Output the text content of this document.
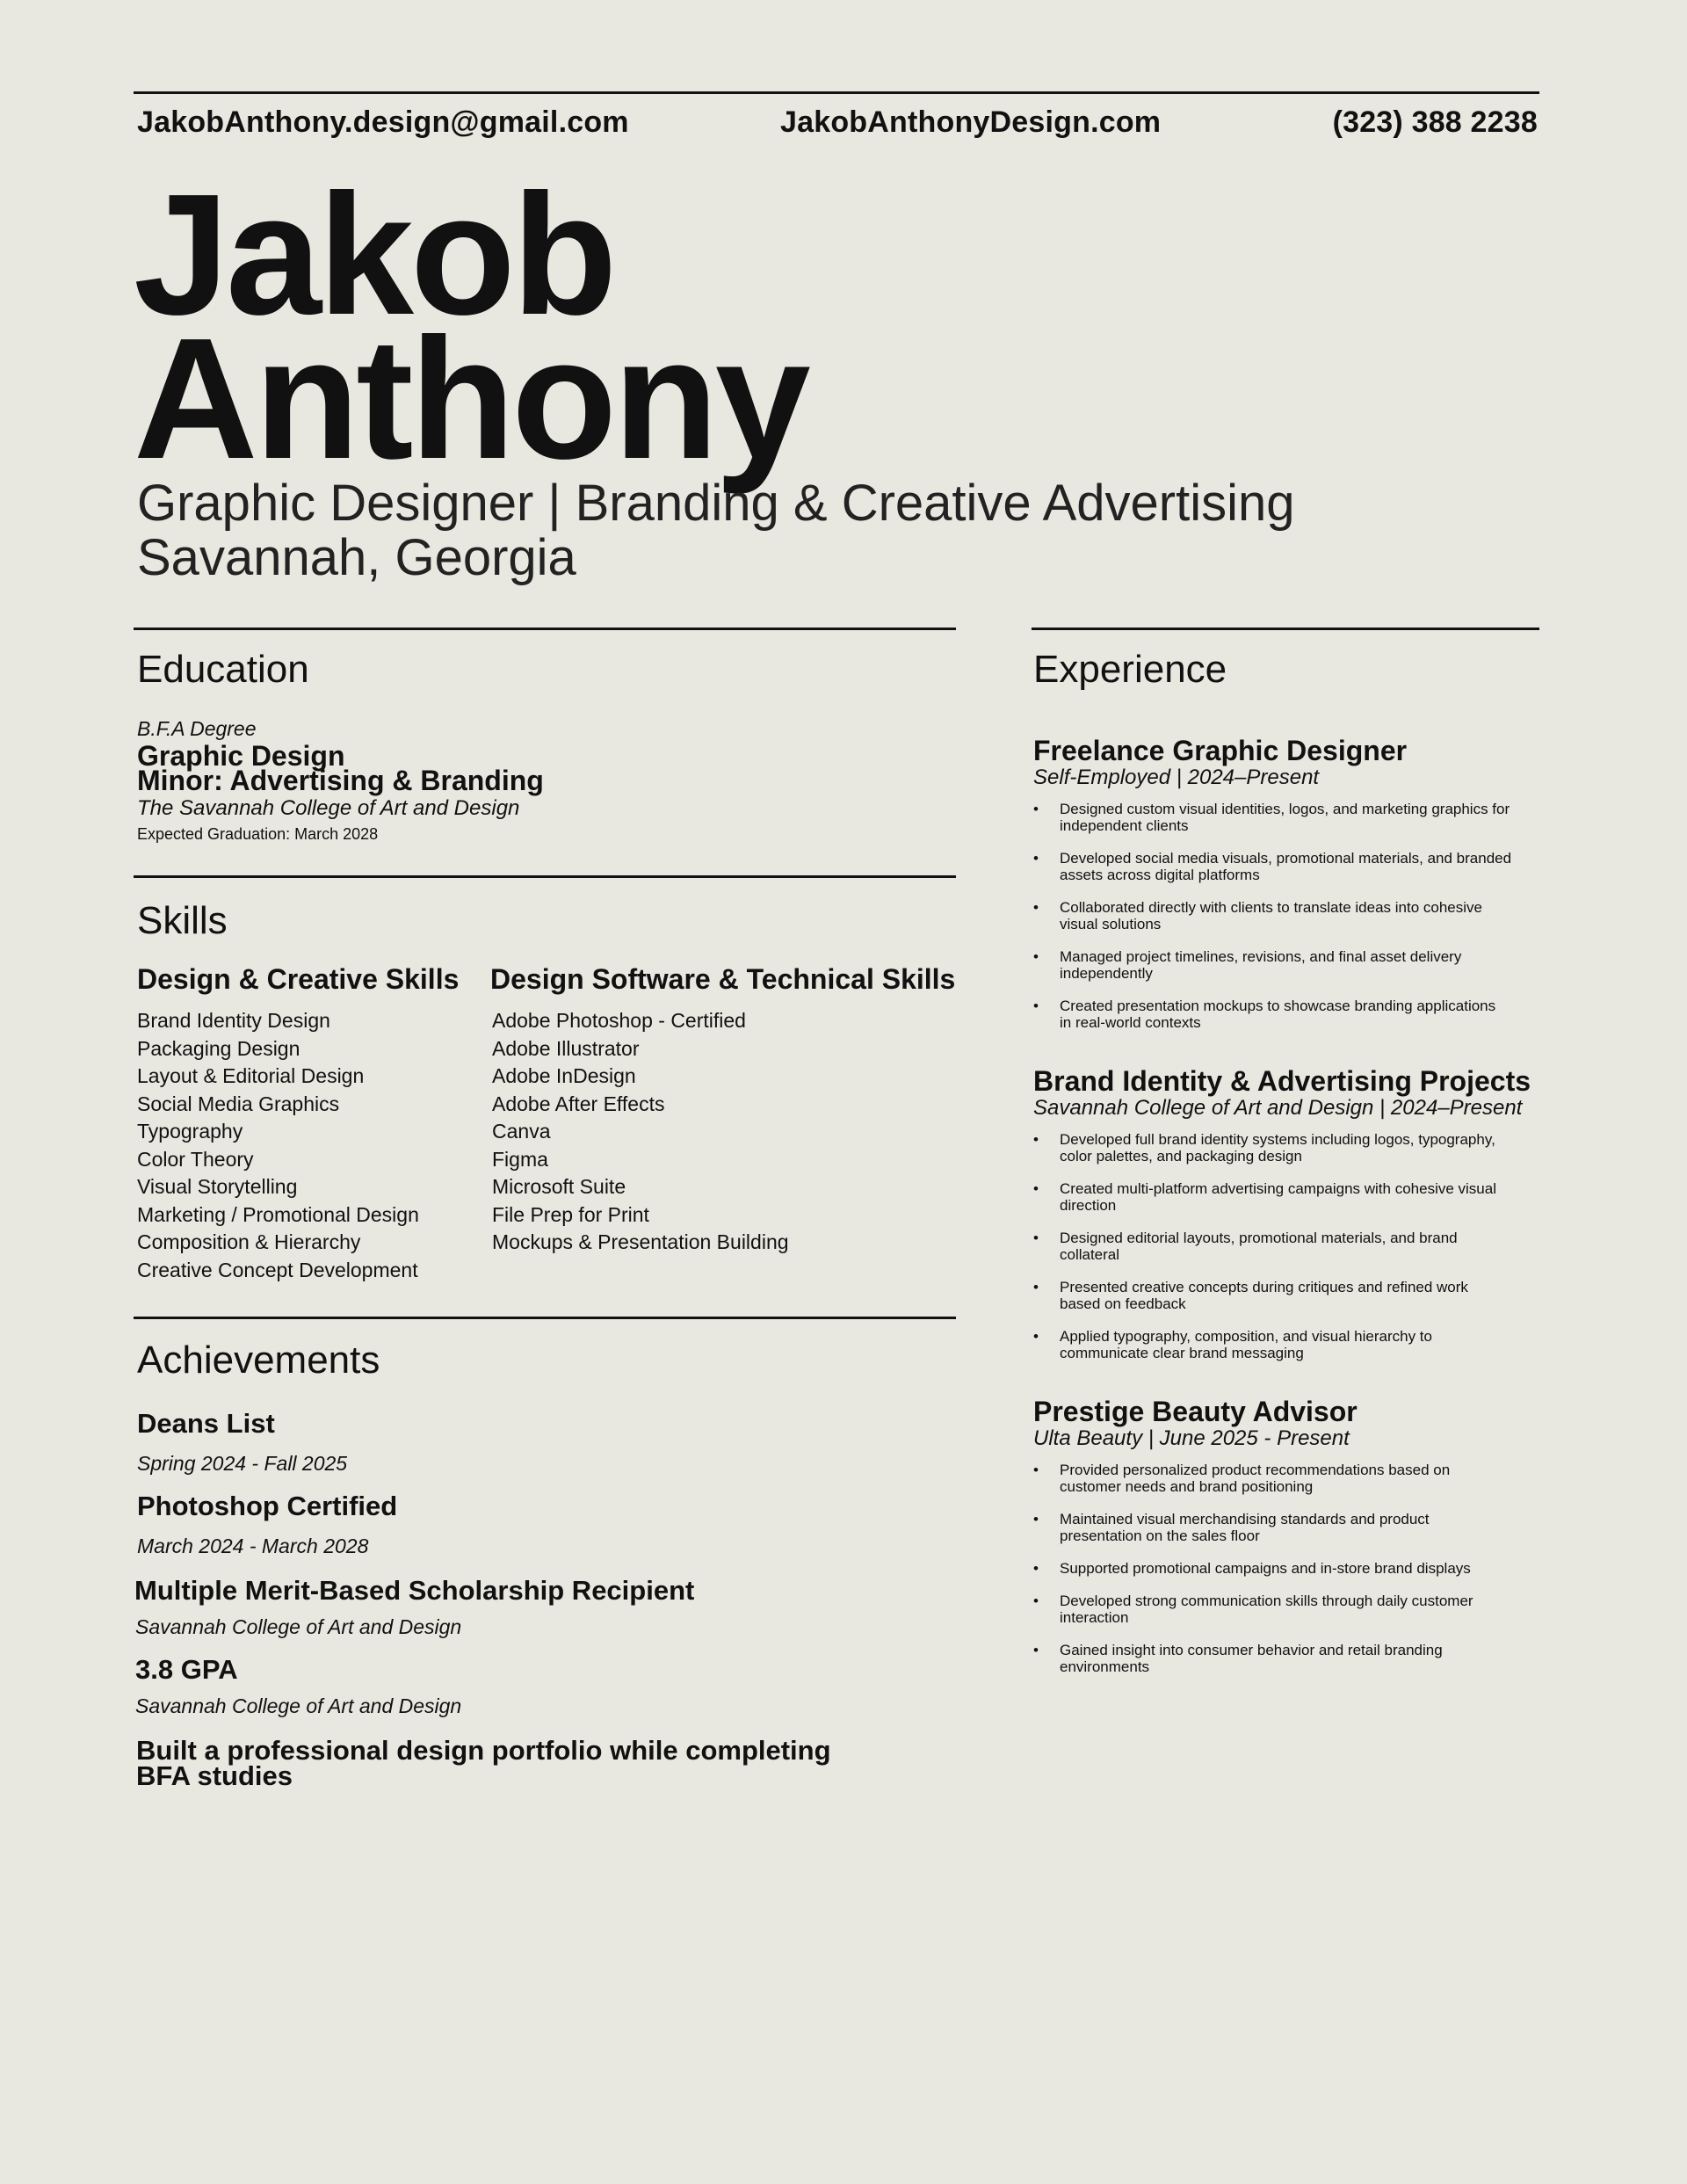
JakobAnthony.design@gmail.com	JakobAnthonyDesign.com	(323) 388 2238
Jakob
Anthony
Graphic Designer | Branding & Creative Advertising
Savannah, Georgia
Education
B.F.A Degree
Graphic Design
Minor: Advertising & Branding
The Savannah College of Art and Design
Expected Graduation: March 2028
Skills
Design & Creative Skills Design Software & Technical Skills
Brand Identity Design
Packaging Design
Layout & Editorial Design
Social Media Graphics
Typography
Color Theory
Visual Storytelling
Marketing / Promotional Design
Composition & Hierarchy
Creative Concept Development
Adobe Photoshop - Certified
Adobe Illustrator
Adobe InDesign
Adobe After Effects
Canva
Figma
Microsoft Suite
File Prep for Print
Mockups & Presentation Building
Achievements
Deans List
Spring 2024 - Fall 2025
Photoshop Certified
March 2024 - March 2028
Multiple Merit-Based Scholarship Recipient
Savannah College of Art and Design
3.8 GPA
Savannah College of Art and Design
Built a professional design portfolio while completing
BFA studies
Experience
Freelance Graphic Designer
Self-Employed | 2024–Present
• Designed custom visual identities, logos, and marketing graphics for
independent clients
• Developed social media visuals, promotional materials, and branded
assets across digital platforms
• Collaborated directly with clients to translate ideas into cohesive
visual solutions
• Managed project timelines, revisions, and final asset delivery
independently
• Created presentation mockups to showcase branding applications
in real-world contexts
Brand Identity & Advertising Projects
Savannah College of Art and Design | 2024–Present
• Developed full brand identity systems including logos, typography,
color palettes, and packaging design
• Created multi-platform advertising campaigns with cohesive visual
direction
• Designed editorial layouts, promotional materials, and brand
collateral
• Presented creative concepts during critiques and refined work
based on feedback
• Applied typography, composition, and visual hierarchy to
communicate clear brand messaging
Prestige Beauty Advisor
Ulta Beauty | June 2025 - Present
• Provided personalized product recommendations based on
customer needs and brand positioning
• Maintained visual merchandising standards and product
presentation on the sales floor
• Supported promotional campaigns and in-store brand displays
• Developed strong communication skills through daily customer
interaction
• Gained insight into consumer behavior and retail branding
environments
